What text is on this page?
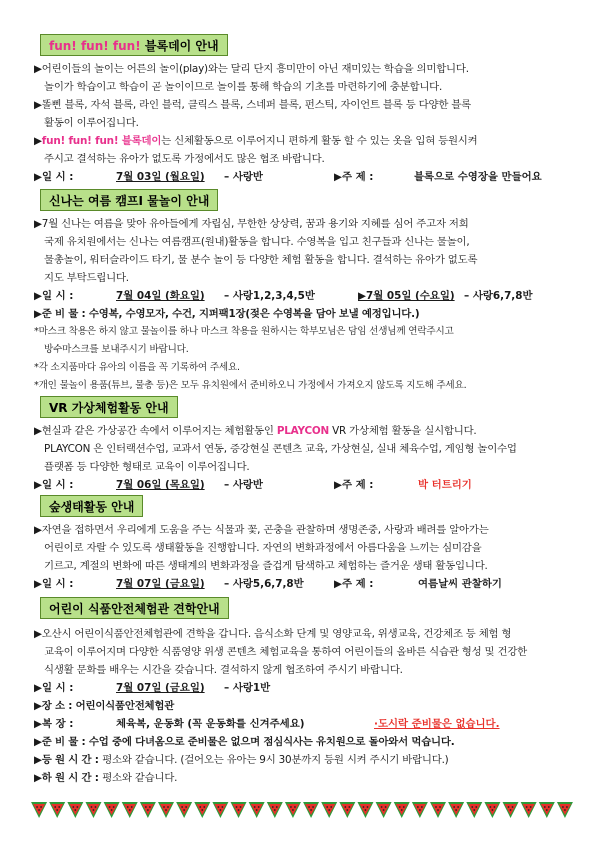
fun! fun! fun! 블록데이 안내

▶어린이들의 놀이는 어른의 놀이(play)와는 달리 단지 흥미만이 아닌 재미있는 학습을 의미합니다.

놀이가 학습이고 학습이 곧 놀이이므로 놀이를 통해 학습의 기초를 마련하기에 충분합니다.

▶똘삔 블록, 자석 블록, 라인 블럭, 클릭스 블록, 스네퍼 블록, 펀스틱, 자이언트 블록 등 다양한 블록

활동이 이루어집니다.

▶fun! fun! fun! 블록데이는 신체활동으로 이루어지니 편하게 활동 할 수 있는 옷을 입혀 등원시켜

주시고 결석하는 유아가 없도록 가정에서도 많은 협조 바랍니다.

▶일 시 :	7월 03일 (월요일) – 사랑반	▶주 제 :	블록으로 수영장을 만들어요
신나는 여름 캠프Ⅰ 물놀이 안내

▶7월 신나는 여름을 맞아 유아들에게 자립심, 무한한 상상력, 꿈과 용기와 지혜를 심어 주고자 저희

국제 유치원에서는 신나는 여름캠프(원내)활동을 합니다. 수영복을 입고 친구들과 신나는 물놀이,

물총놀이, 워터슬라이드 타기, 물 분수 놀이 등 다양한 체험 활동을 합니다. 결석하는 유아가 없도록

지도 부탁드립니다.

▶일 시 :	7월 04일 (화요일) – 사랑1,2,3,4,5반	▶7월 05일 (수요일) – 사랑6,7,8반

▶준 비 물 : 수영복, 수영모자, 수건, 지퍼팩1장(젖은 수영복을 담아 보낼 예정입니다.)

*마스크 착용은 하지 않고 물놀이를 하나 마스크 착용을 원하시는 학부모님은 담임 선생님께 연락주시고

방수마스크를 보내주시기 바랍니다.

*각 소지품마다 유아의 이름을 꼭 기록하여 주세요.

*개인 물놀이 용품(튜브, 물총 등)은 모두 유치원에서 준비하오니 가정에서 가져오지 않도록 지도해 주세요.

VR 가상체험활동 안내

▶현실과 같은 가상공간 속에서 이루어지는 체험활동인 PLAYCON VR 가상체험 활동을 실시합니다.

PLAYCON 은 인터랙션수업, 교과서 연동, 증강현실 콘텐츠 교육, 가상현실, 실내 체육수업, 게임형 놀이수업

플랫폼 등 다양한 형태로 교육이 이루어집니다.

▶일 시 :	7월 06일 (목요일) – 사랑반	▶주 제 :	박 터트리기
숲생태활동 안내

▶자연을 접하면서 우리에게 도움을 주는 식물과 꽃, 곤충을 관찰하며 생명존중, 사랑과 배려를 알아가는

어린이로 자랄 수 있도록 생태활동을 진행합니다. 자연의 변화과정에서 아름다움을 느끼는 심미감을

기르고, 계절의 변화에 따른 생태계의 변화과정을 즐겁게 탐색하고 체험하는 즐거운 생태 활동입니다.

▶일 시 :	7월 07일 (금요일) – 사랑5,6,7,8반	▶주 제 :	여름날씨 관찰하기
어린이 식품안전체험관 견학안내

▶오산시 어린이식품안전체험관에 견학을 갑니다. 음식소화 단계 및 영양교육, 위생교육, 건강체조 등 체험 형

교육이 이루어지며 다양한 식품영양 위생 콘텐츠 체험교육을 통하여 어린이들의 올바른 식습관 형성 및 건강한

식생활 문화를 배우는 시간을 갖습니다. 결석하지 않게 협조하여 주시기 바랍니다.

▶일 시 :	7월 07일 (금요일) – 사랑1반

▶장 소 : 어린이식품안전체험관

▶복 장 :	체육복, 운동화 (꼭 운동화를 신겨주세요)	·도시락 준비물은 없습니다.

▶준 비 물 : 수업 중에 다녀옴으로 준비물은 없으며 점심식사는 유치원으로 돌아와서 먹습니다.

▶등 원 시 간 : 평소와 같습니다. (걸어오는 유아는 9시 30분까지 등원 시켜 주시기 바랍니다.)

▶하 원 시 간 : 평소와 같습니다.
